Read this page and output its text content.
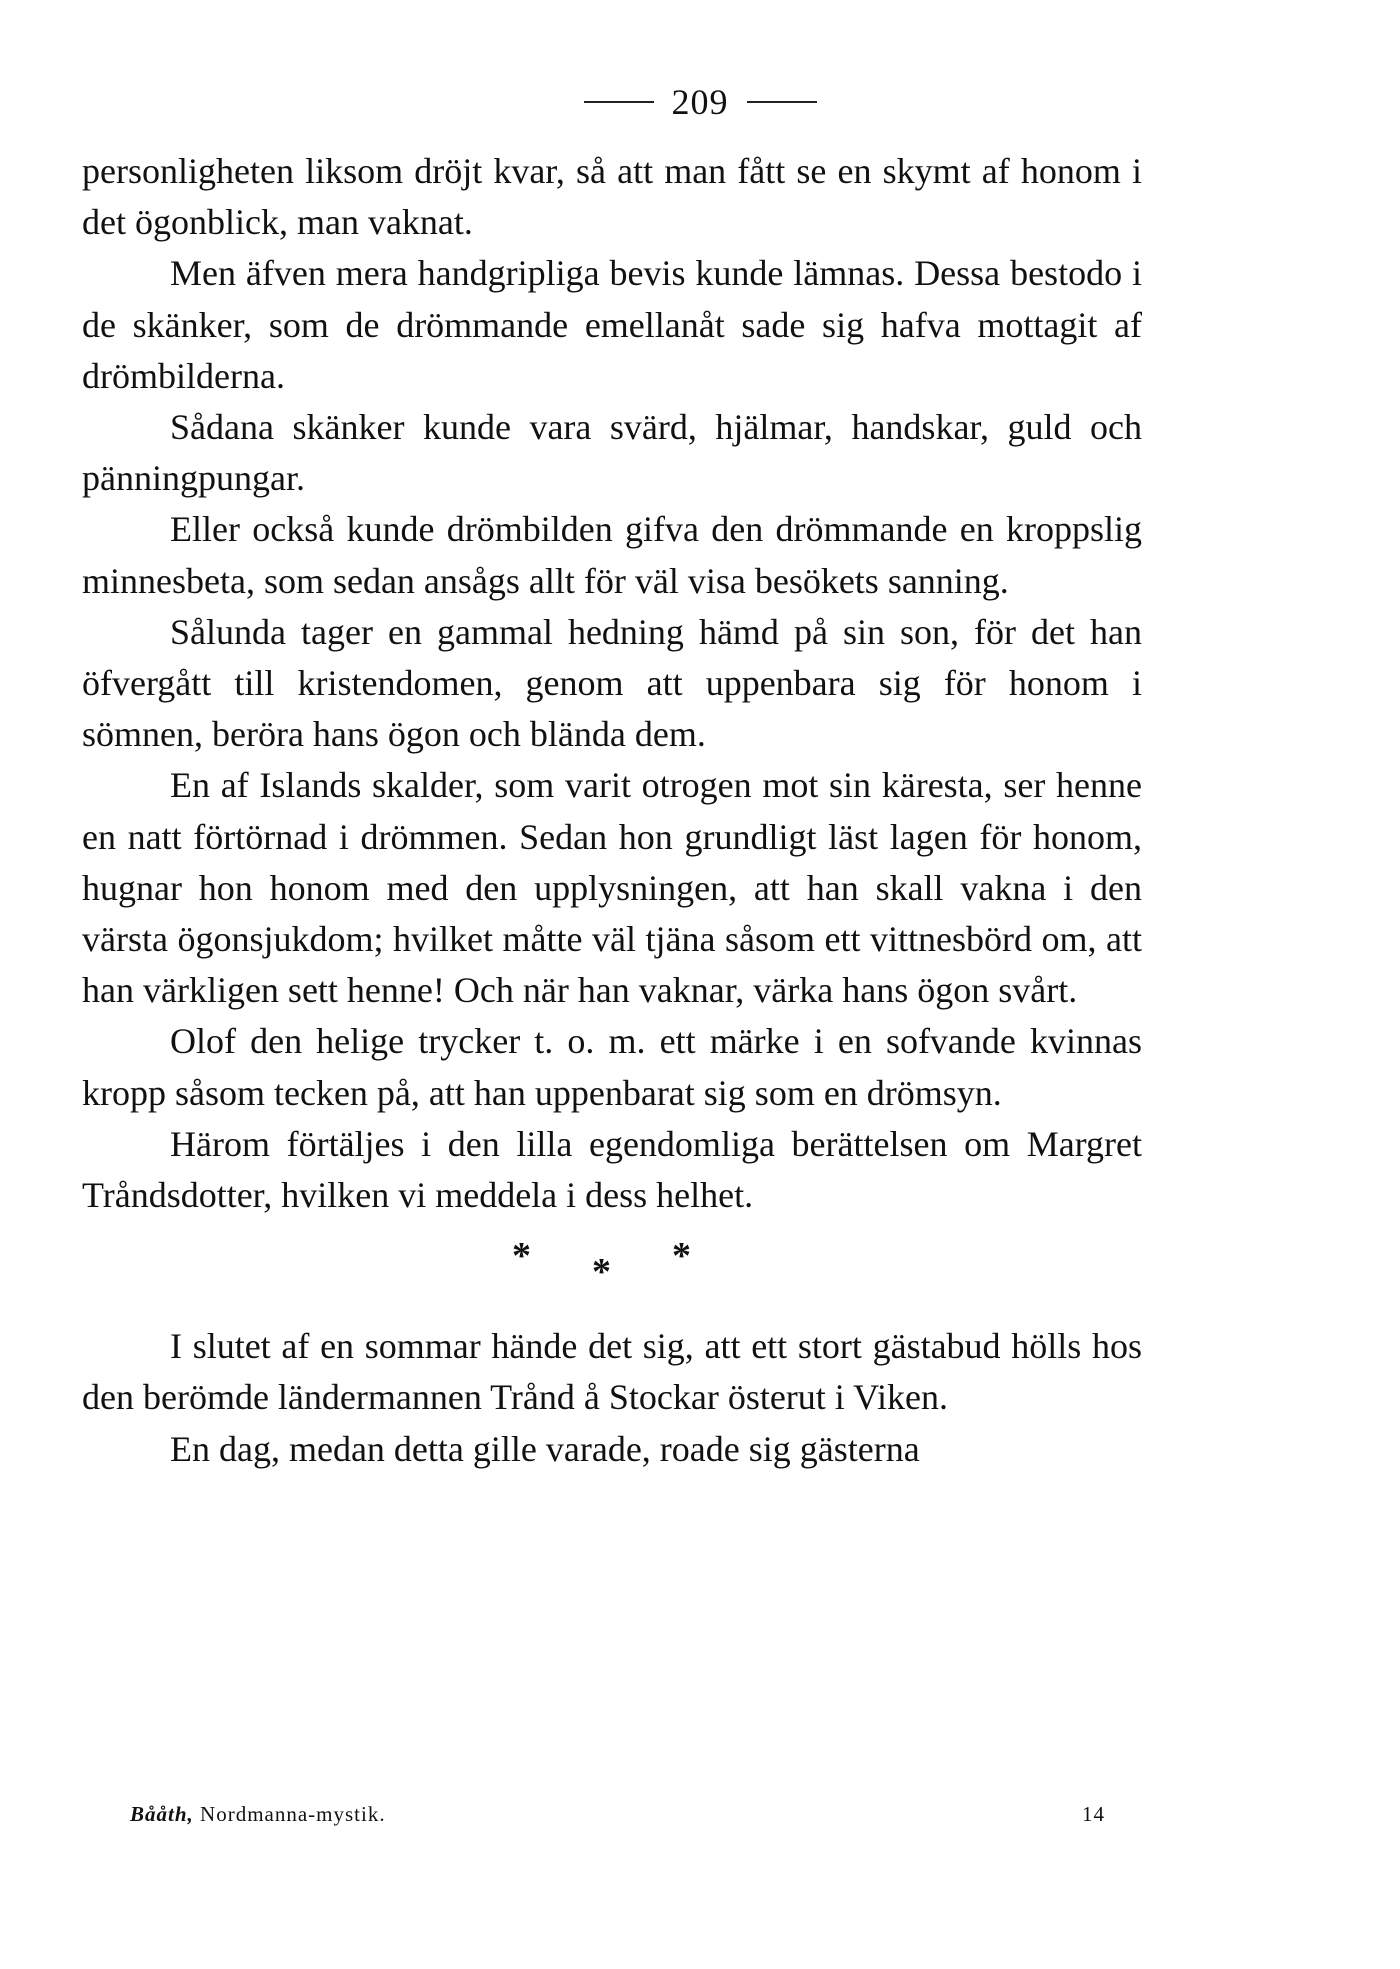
209

personligheten liksom dröjt kvar, så att man fått se en skymt af honom i det ögonblick, man vaknat.

Men äfven mera handgripliga bevis kunde lämnas. Dessa bestodo i de skänker, som de drömmande emellanåt sade sig hafva mottagit af drömbilderna.

Sådana skänker kunde vara svärd, hjälmar, handskar, guld och pänningpungar.

Eller också kunde drömbilden gifva den drömmande en kroppslig minnesbeta, som sedan ansågs allt för väl visa besökets sanning.

Sålunda tager en gammal hedning hämd på sin son, för det han öfvergått till kristendomen, genom att uppenbara sig för honom i sömnen, beröra hans ögon och blända dem.

En af Islands skalder, som varit otrogen mot sin käresta, ser henne en natt förtörnad i drömmen. Sedan hon grundligt läst lagen för honom, hugnar hon honom med den upplysningen, att han skall vakna i den värsta ögonsjukdom; hvilket måtte väl tjäna såsom ett vittnesbörd om, att han värkligen sett henne! Och när han vaknar, värka hans ögon svårt.

Olof den helige trycker t. o. m. ett märke i en sofvande kvinnas kropp såsom tecken på, att han uppenbarat sig som en drömsyn.

Härom förtäljes i den lilla egendomliga berättelsen om Margret Tråndsdotter, hvilken vi meddela i dess helhet.

* * *

I slutet af en sommar hände det sig, att ett stort gästabud hölls hos den berömde ländermannen Trånd å Stockar österut i Viken.

En dag, medan detta gille varade, roade sig gästerna

Bååth, Nordmanna-mystik.	14
